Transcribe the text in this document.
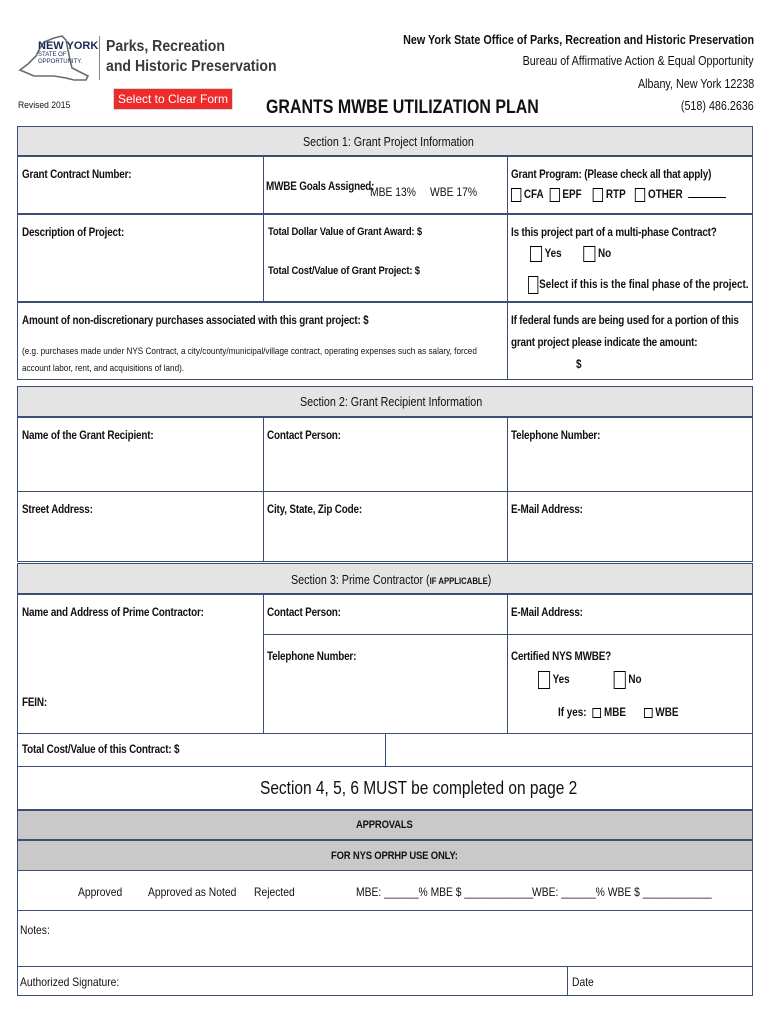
NEW YORK
STATE OF
OPPORTUNITY.
Parks, Recreation
and Historic Preservation
Revised 2015	Select to Clear Form GRANTS MWBE UTILIZATION PLAN
New York State Office of Parks, Recreation and Historic Preservation
Bureau of Affirmative Action & Equal Opportunity
Albany, New York 12238
(518) 486.2636
Section 1: Grant Project Information
Grant Contract Number:
MWBE Goals Assigned:
MBE 13% WBE 17%
Grant Program: (Please check all that apply)
CFA EPF RTP OTHER
Description of Project:	Total Dollar Value of Grant Award: $
Total Cost/Value of Grant Project: $
Is this project part of a multi-phase Contract?
Yes	No
Select if this is the final phase of the project.
Amount of non-discretionary purchases associated with this grant project: $
(e.g. purchases made under NYS Contract, a city/county/municipal/village contract, operating expenses such as salary, forced account labor, rent, and acquisitions of land).
If federal funds are being used for a portion of this
grant project please indicate the amount:
$
Section 2: Grant Recipient Information
Name of the Grant Recipient:	Contact Person:	Telephone Number:
Street Address:	City, State, Zip Code:	E-Mail Address:
Section 3: Prime Contractor (IF APPLICABLE)
Name and Address of Prime Contractor:
FEIN:
Contact Person:
Telephone Number:
E-Mail Address:
Certified NYS MWBE?
Yes	No
If yes: MBE	WBE
Total Cost/Value of this Contract: $
Section 4, 5, 6 MUST be completed on page 2
APPROVALS
FOR NYS OPRHP USE ONLY:
Approved Approved as Noted Rejected	MBE: ______% MBE $ ____________
WBE: ______% WBE $ ____________
Notes:
Authorized Signature:	Date
